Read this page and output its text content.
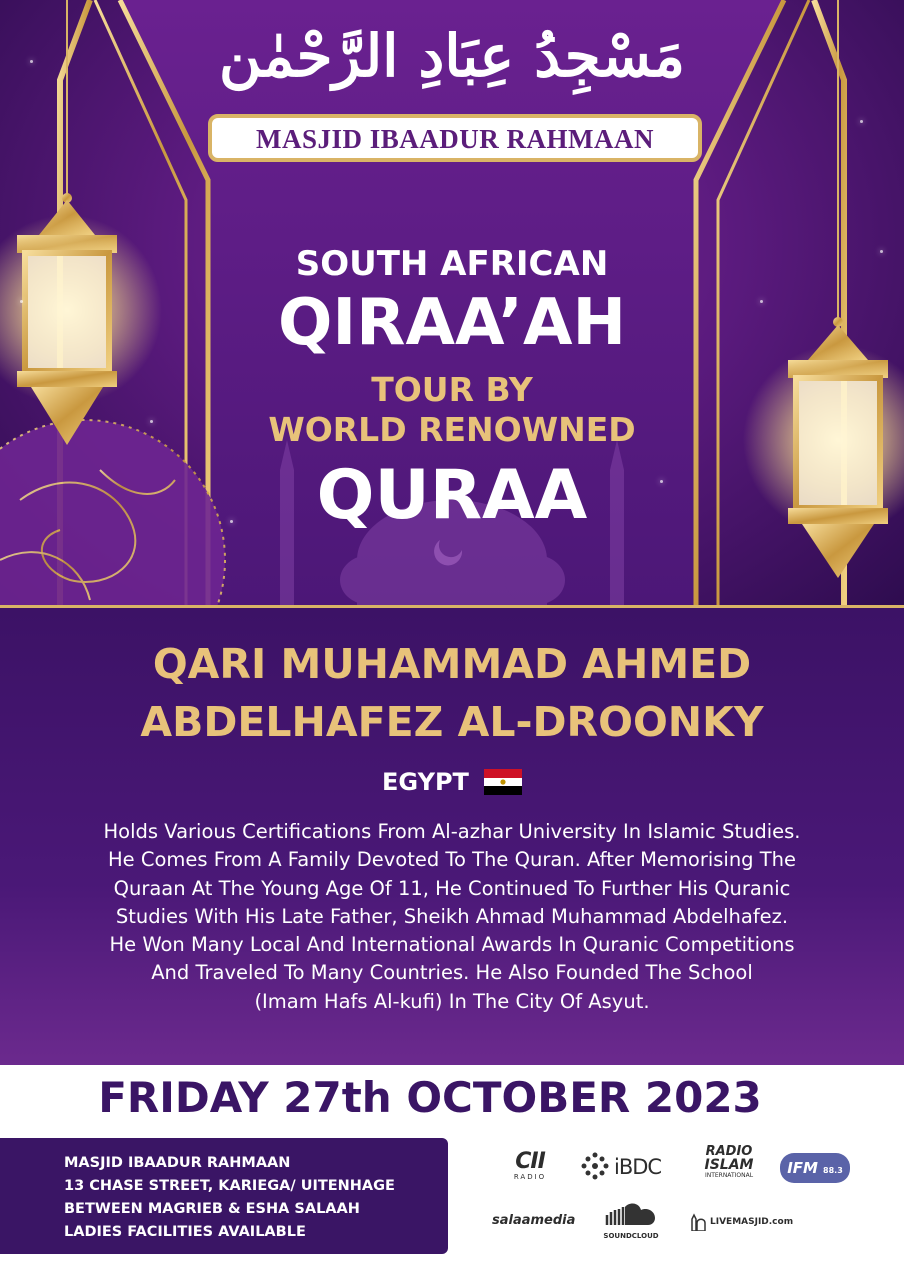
مَسْجِدُ عِبَادِ الرَّحْمٰن
MASJID IBAADUR RAHMAAN
SOUTH AFRICAN
QIRAA’AH
TOUR BY
WORLD RENOWNED
QURAA
QARI MUHAMMAD AHMED
ABDELHAFEZ AL-DROONKY
EGYPT
Holds Various Certifications From Al-azhar University In Islamic Studies.
He Comes From A Family Devoted To The Quran. After Memorising The
Quraan At The Young Age Of 11, He Continued To Further His Quranic
Studies With His Late Father, Sheikh Ahmad Muhammad Abdelhafez.
He Won Many Local And International Awards In Quranic Competitions
And Traveled To Many Countries. He Also Founded The School
(Imam Hafs Al-kufi) In The City Of Asyut.
FRIDAY 27th OCTOBER 2023
MASJID IBAADUR RAHMAAN
13 CHASE STREET, KARIEGA/ UITENHAGE
BETWEEN MAGRIEB & ESHA SALAAH
LADIES FACILITIES AVAILABLE
CII
RADIO	iBDC
RADIO
ISLAM
INTERNATIONAL	IFM 88.3
salaamedia
SOUNDCLOUD
LIVEMASJID.com
